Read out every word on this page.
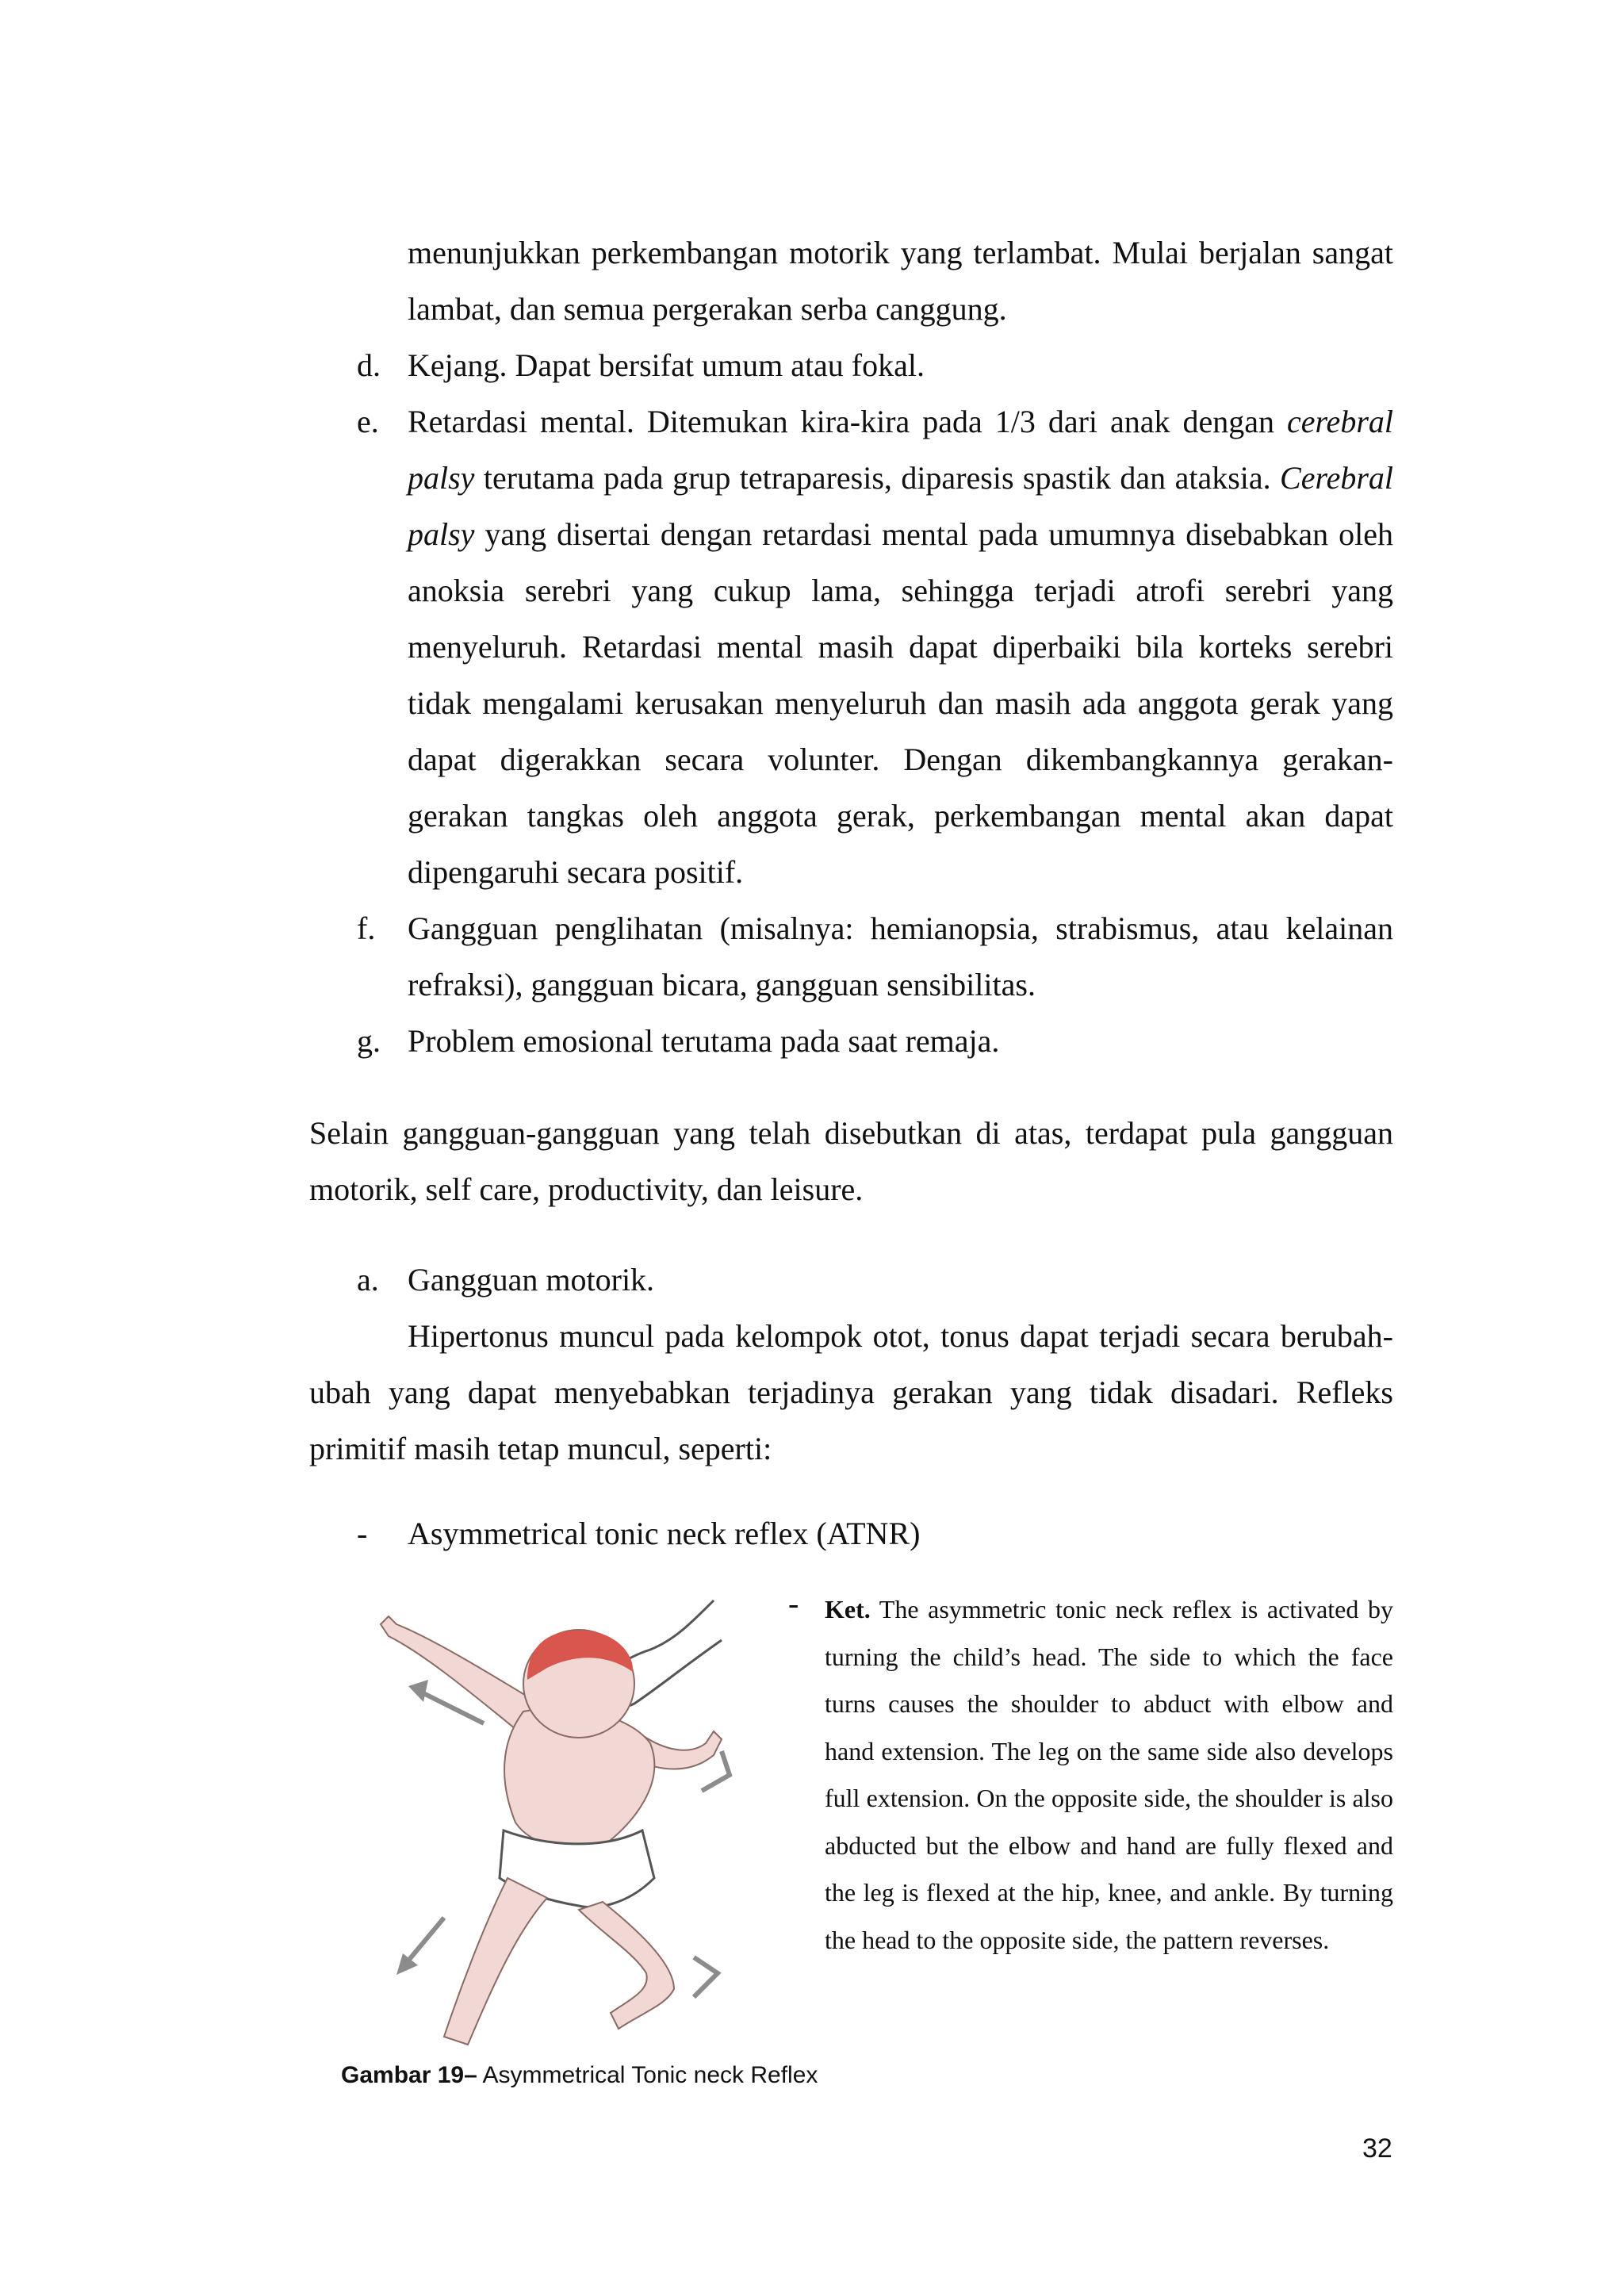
menunjukkan perkembangan motorik yang terlambat. Mulai berjalan sangat lambat, dan semua pergerakan serba canggung.
d. Kejang. Dapat bersifat umum atau fokal.
e. Retardasi mental. Ditemukan kira-kira pada 1/3 dari anak dengan cerebral palsy terutama pada grup tetraparesis, diparesis spastik dan ataksia. Cerebral palsy yang disertai dengan retardasi mental pada umumnya disebabkan oleh anoksia serebri yang cukup lama, sehingga terjadi atrofi serebri yang menyeluruh. Retardasi mental masih dapat diperbaiki bila korteks serebri tidak mengalami kerusakan menyeluruh dan masih ada anggota gerak yang dapat digerakkan secara volunter. Dengan dikembangkannya gerakan-gerakan tangkas oleh anggota gerak, perkembangan mental akan dapat dipengaruhi secara positif.
f. Gangguan penglihatan (misalnya: hemianopsia, strabismus, atau kelainan refraksi), gangguan bicara, gangguan sensibilitas.
g. Problem emosional terutama pada saat remaja.
Selain gangguan-gangguan yang telah disebutkan di atas, terdapat pula gangguan motorik, self care, productivity, dan leisure.
a. Gangguan motorik.
Hipertonus muncul pada kelompok otot, tonus dapat terjadi secara berubah-ubah yang dapat menyebabkan terjadinya gerakan yang tidak disadari. Refleks primitif masih tetap muncul, seperti:
- Asymmetrical tonic neck reflex (ATNR)
- Ket. The asymmetric tonic neck reflex is activated by turning the child’s head. The side to which the face turns causes the shoulder to abduct with elbow and hand extension. The leg on the same side also develops full extension. On the opposite side, the shoulder is also abducted but the elbow and hand are fully flexed and the leg is flexed at the hip, knee, and ankle. By turning the head to the opposite side, the pattern reverses.
Gambar 19– Asymmetrical Tonic neck Reflex
32
